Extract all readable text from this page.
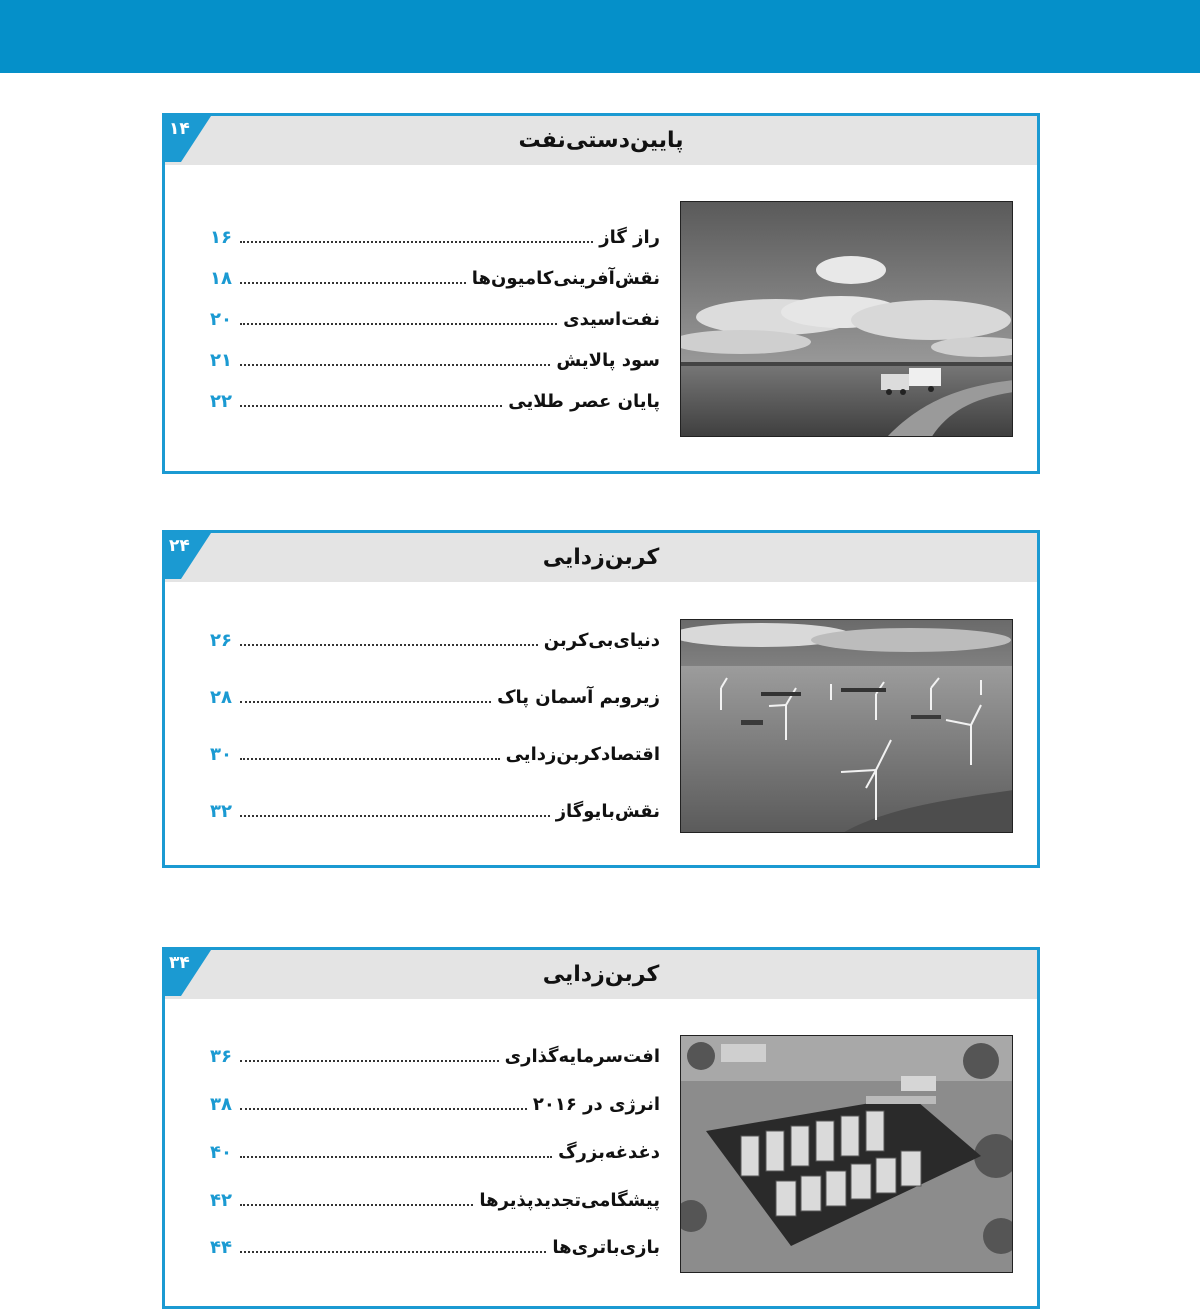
پایین‌دستی‌نفت
۱۴
راز گاز
۱۶
نقش‌آفرینی‌کامیون‌ها
۱۸
نفت‌اسیدی
۲۰
سود پالایش
۲۱
پایان عصر طلایی
۲۲
کربن‌زدایی
۲۴
دنیای‌بی‌کربن
۲۶
زیروبم آسمان پاک
۲۸
اقتصادکربن‌زدایی
۳۰
نقش‌بایوگاز
۳۲
کربن‌زدایی
۳۴
افت‌سرمایه‌گذاری
۳۶
انرژی در ۲۰۱۶
۳۸
دغدغه‌بزرگ
۴۰
پیشگامی‌تجدیدپذیرها
۴۲
بازی‌باتری‌ها
۴۴
